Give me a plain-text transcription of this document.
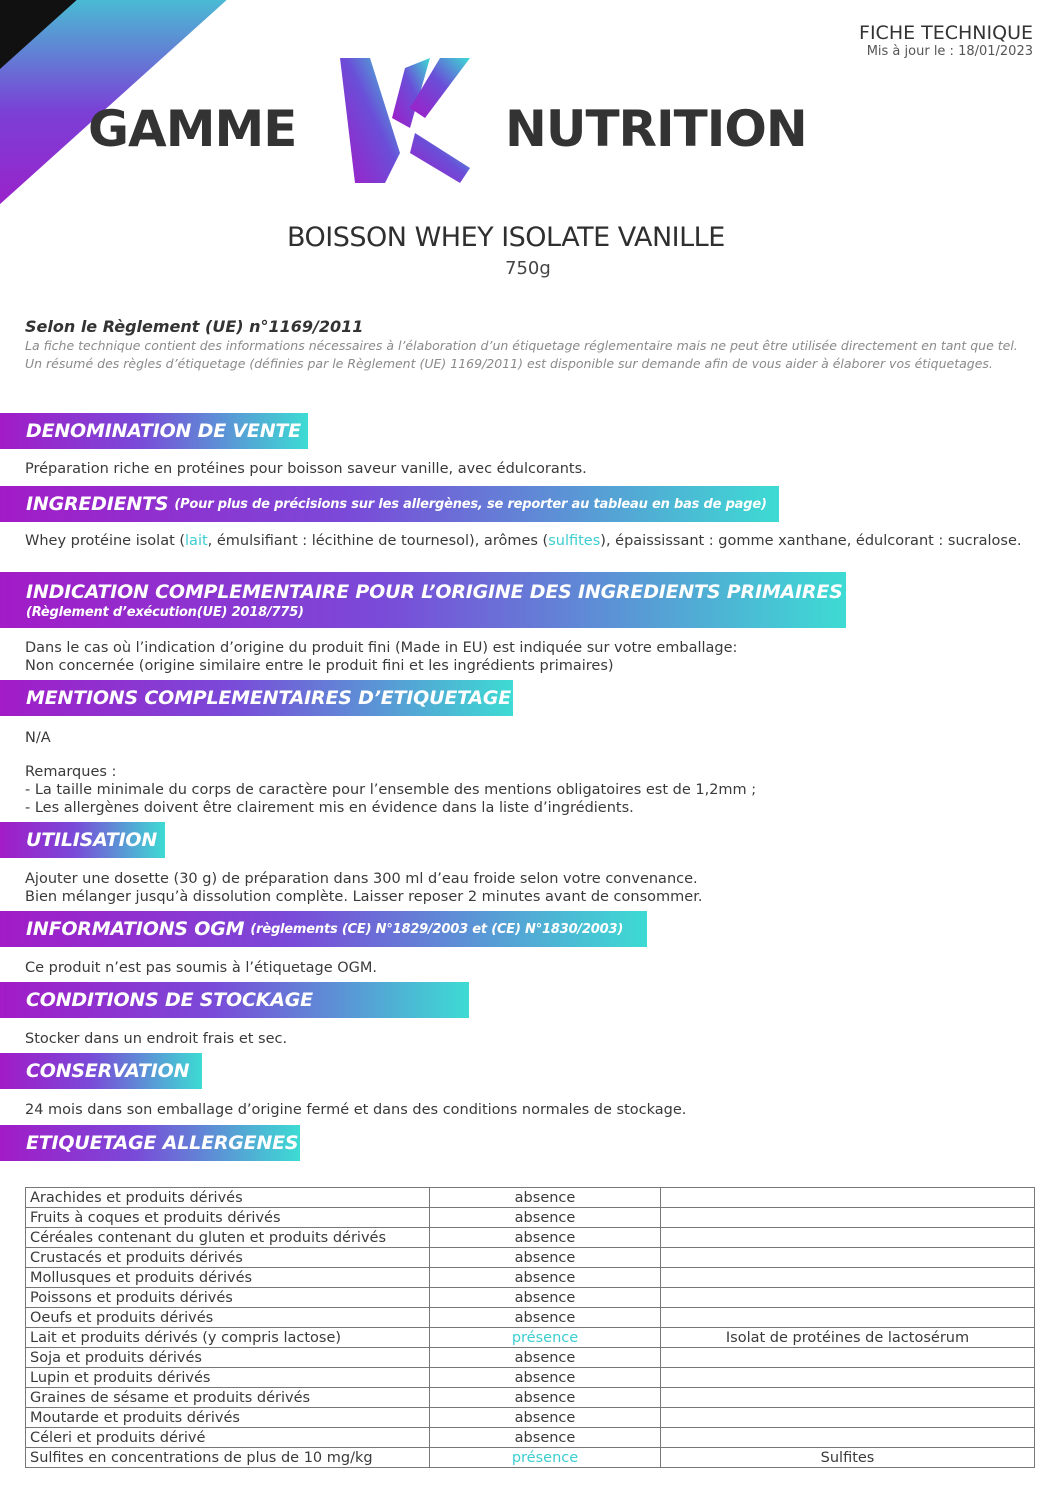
FICHE TECHNIQUE
Mis à jour le : 18/01/2023
GAMME	NUTRITION
BOISSON WHEY ISOLATE VANILLE
750g
Selon le Règlement (UE) n°1169/2011
La fiche technique contient des informations nécessaires à l’élaboration d’un étiquetage réglementaire mais ne peut être utilisée directement en tant que tel. Un résumé des règles d’étiquetage (définies par le Règlement (UE) 1169/2011) est disponible sur demande afin de vous aider à élaborer vos étiquetages.
DENOMINATION DE VENTE
Préparation riche en protéines pour boisson saveur vanille, avec édulcorants.
INGREDIENTS (Pour plus de précisions sur les allergènes, se reporter au tableau en bas de page)
Whey protéine isolat (lait, émulsifiant : lécithine de tournesol), arômes (sulfites), épaississant : gomme xanthane, édulcorant : sucralose.
INDICATION COMPLEMENTAIRE POUR L’ORIGINE DES INGREDIENTS PRIMAIRES
(Règlement d’exécution(UE) 2018/775)
Dans le cas où l’indication d’origine du produit fini (Made in EU) est indiquée sur votre emballage:
Non concernée (origine similaire entre le produit fini et les ingrédients primaires)
MENTIONS COMPLEMENTAIRES D’ETIQUETAGE
N/A
Remarques :
- La taille minimale du corps de caractère pour l’ensemble des mentions obligatoires est de 1,2mm ;
- Les allergènes doivent être clairement mis en évidence dans la liste d’ingrédients.
UTILISATION
Ajouter une dosette (30 g) de préparation dans 300 ml d’eau froide selon votre convenance.
Bien mélanger jusqu’à dissolution complète. Laisser reposer 2 minutes avant de consommer.
INFORMATIONS OGM (règlements (CE) N°1829/2003 et (CE) N°1830/2003)
Ce produit n’est pas soumis à l’étiquetage OGM.
CONDITIONS DE STOCKAGE
Stocker dans un endroit frais et sec.
CONSERVATION
24 mois dans son emballage d’origine fermé et dans des conditions normales de stockage.
ETIQUETAGE ALLERGENES
Arachides et produits dérivés	absence	
Fruits à coques et produits dérivés	absence	
Céréales contenant du gluten et produits dérivés	absence	
Crustacés et produits dérivés	absence	
Mollusques et produits dérivés	absence	
Poissons et produits dérivés	absence	
Oeufs et produits dérivés	absence	
Lait et produits dérivés (y compris lactose)	présence	Isolat de protéines de lactosérum
Soja et produits dérivés	absence	
Lupin et produits dérivés	absence	
Graines de sésame et produits dérivés	absence	
Moutarde et produits dérivés	absence	
Céleri et produits dérivé	absence	
Sulfites en concentrations de plus de 10 mg/kg	présence	Sulfites
